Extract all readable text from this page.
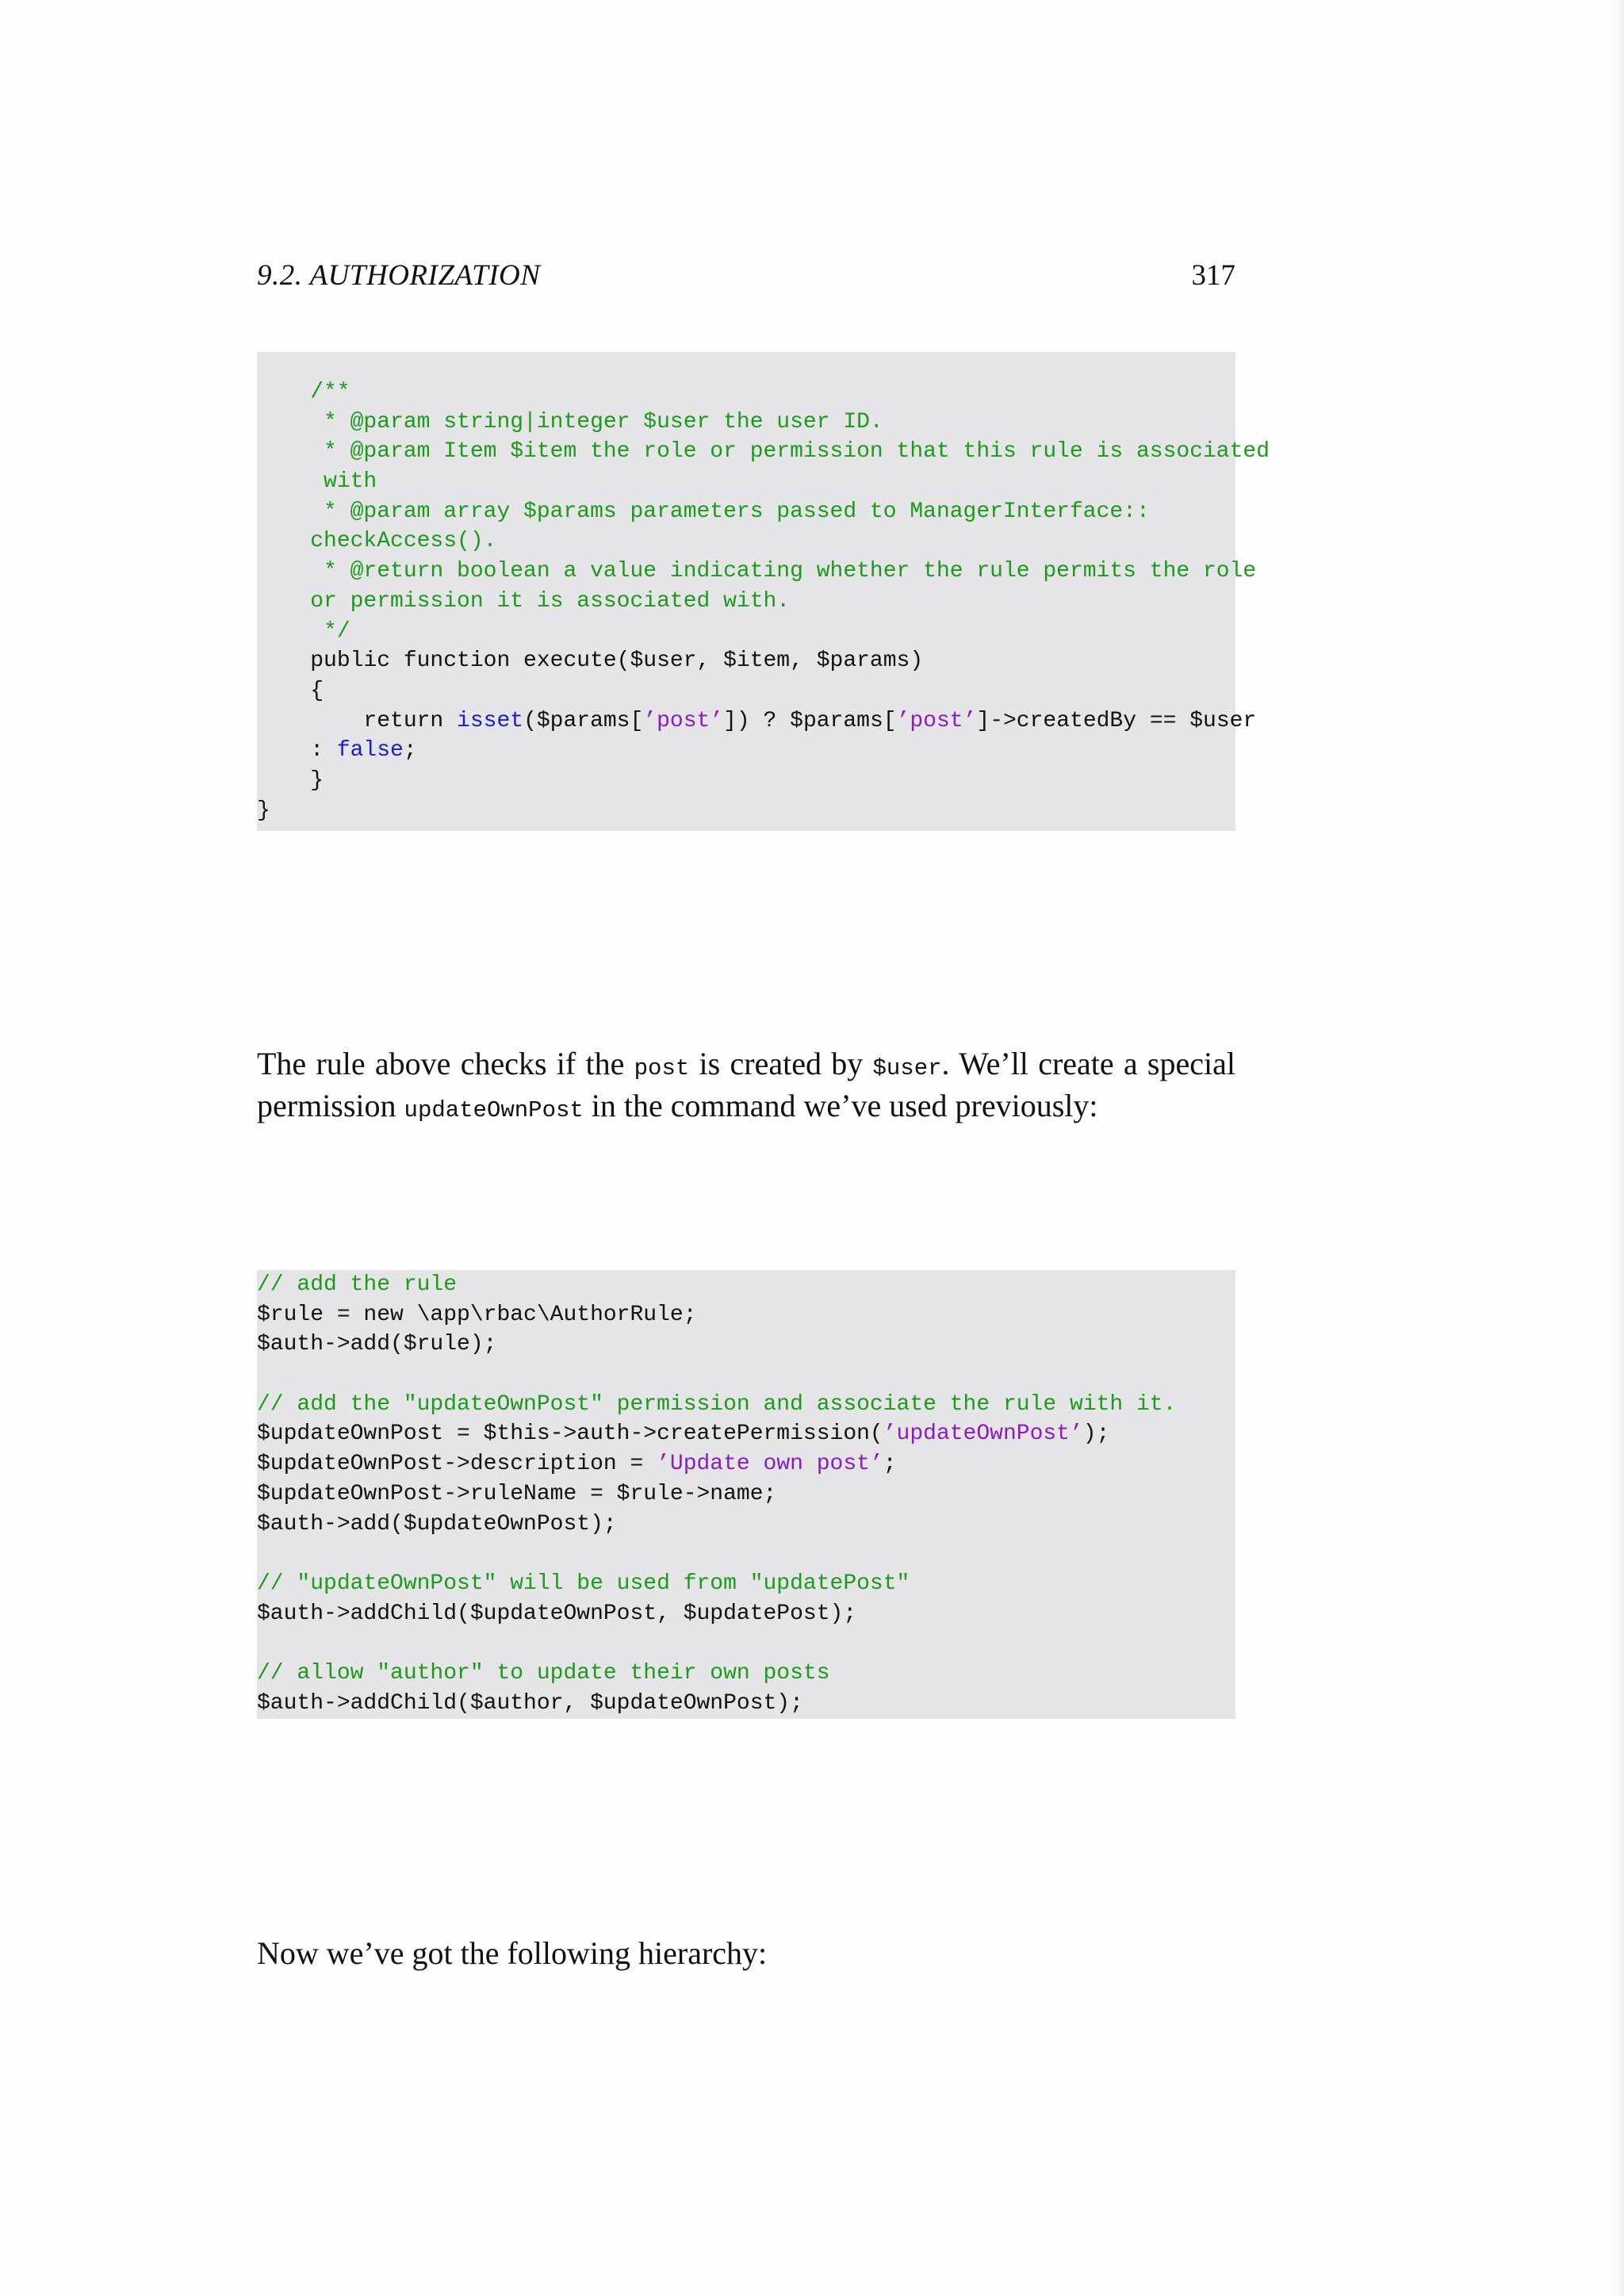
9.2. AUTHORIZATION	317
/**
* @param string|integer $user the user ID.
* @param Item $item the role or permission that this rule is associated
with
* @param array $params parameters passed to ManagerInterface::
checkAccess().
* @return boolean a value indicating whether the rule permits the role
or permission it is associated with.
*/
public function execute($user, $item, $params)
{
return isset($params[’post’]) ? $params[’post’]->createdBy == $user
: false;
}
}

The rule above checks if the post is created by $user. We’ll create a special permission updateOwnPost in the command we’ve used previously:

// add the rule
$rule = new \app\rbac\AuthorRule;
$auth->add($rule);
// add the "updateOwnPost" permission and associate the rule with it.
$updateOwnPost = $this->auth->createPermission(’updateOwnPost’);
$updateOwnPost->description = ’Update own post’;
$updateOwnPost->ruleName = $rule->name;
$auth->add($updateOwnPost);
// "updateOwnPost" will be used from "updatePost"
$auth->addChild($updateOwnPost, $updatePost);
// allow "author" to update their own posts
$auth->addChild($author, $updateOwnPost);

Now we’ve got the following hierarchy:
